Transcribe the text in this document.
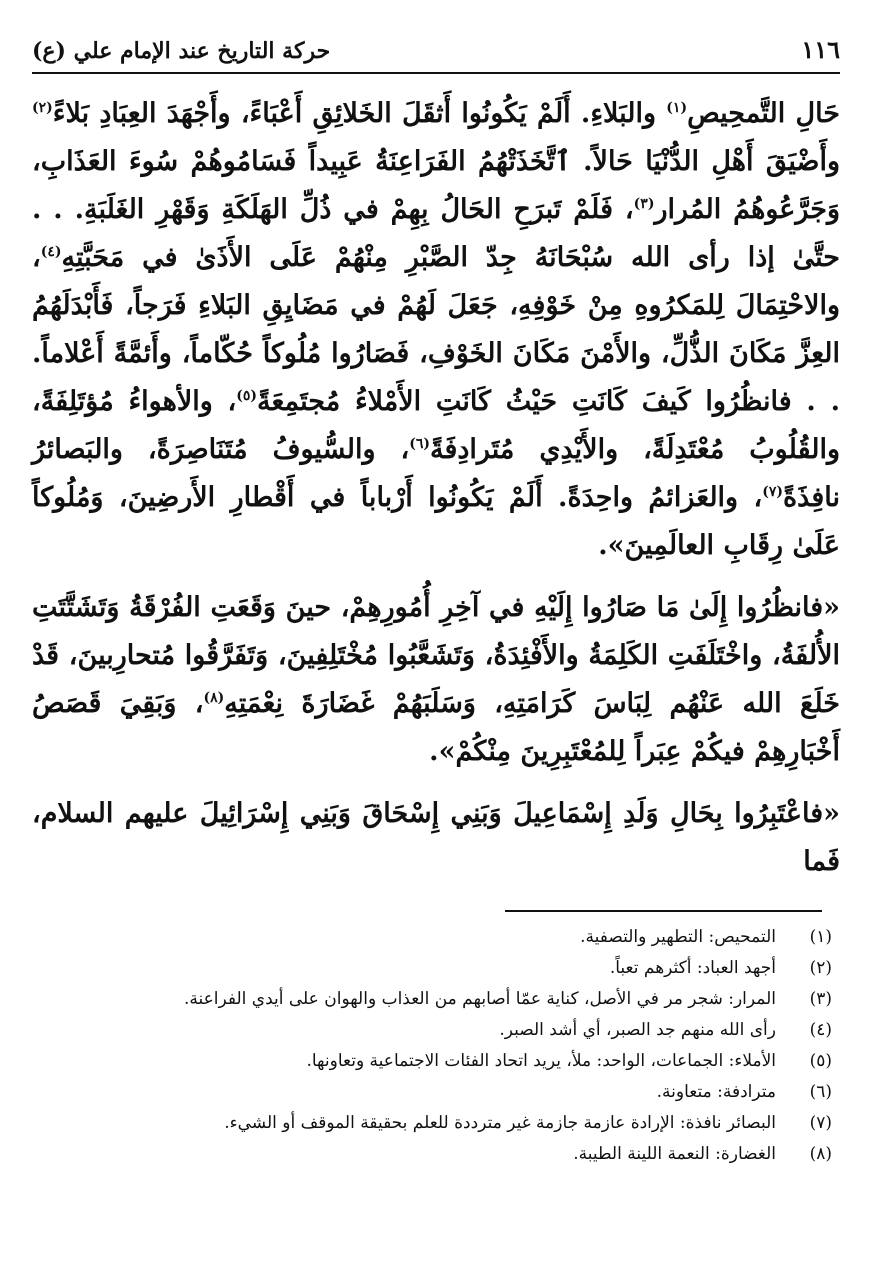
١١٦
حركة التاريخ عند الإمام علي (ع)

حَالِ التَّمحِيصِ$^{(١)}$ والبَلاءِ. أَلَمْ يَكُونُوا أَثقَلَ الخَلائِقِ أَعْبَاءً، وأَجْهَدَ العِبَادِ بَلاءً$^{(٢)}$ وأَضْيَقَ أَهْلِ الدُّنْيَا حَالاً. ٱتَّخَذَتْهُمُ الفَرَاعِنَةُ عَبِيداً فَسَامُوهُمْ سُوءَ العَذَابِ، وَجَرَّعُوهُمُ المُرار$^{(٣)}$، فَلَمْ تَبرَحِ الحَالُ بِهِمْ في ذُلِّ الهَلَكَةِ وَقَهْرِ الغَلَبَةِ. . . حتَّىٰ إذا رأى الله سُبْحَانَهُ جِدّ الصَّبْرِ مِنْهُمْ عَلَى الأَذَىٰ في مَحَبَّتِهِ$^{(٤)}$، والاحْتِمَالَ لِلمَكرُوهِ مِنْ خَوْفِهِ، جَعَلَ لَهُمْ في مَضَايِقِ البَلاءِ فَرَجاً، فَأَبْدَلَهُمُ العِزَّ مَكَانَ الذُّلِّ، والأَمْنَ مَكَانَ الخَوْفِ، فَصَارُوا مُلُوكاً حُكّاماً، وأَئمَّةً أَعْلاماً. . . فانظُرُوا كَيفَ كَانَتِ حَيْثُ كَانَتِ الأَمْلاءُ مُجتَمِعَةً$^{(٥)}$، والأهواءُ مُؤتَلِفَةً، والقُلُوبُ مُعْتَدِلَةً، والأَيْدِي مُتَرادِفَةً$^{(٦)}$، والسُّيوفُ مُتَنَاصِرَةً، والبَصائرُ نافِذَةً$^{(٧)}$، والعَزائمُ واحِدَةً. أَلَمْ يَكُونُوا أَرْباباً في أَقْطارِ الأَرضِينَ، وَمُلُوكاً عَلَىٰ رِقَابِ العالَمِينَ».

«فانظُرُوا إِلَىٰ مَا صَارُوا إِلَيْهِ في آخِرِ أُمُورِهِمْ، حينَ وَقَعَتِ الفُرْقَةُ وَتَشَتَّتَتِ الأُلفَةُ، واخْتَلَفَتِ الكَلِمَةُ والأَفْئِدَةُ، وَتَشَعَّبُوا مُخْتَلِفِينَ، وَتَفَرَّقُوا مُتحارِبينَ، قَدْ خَلَعَ الله عَنْهُم لِبَاسَ كَرَامَتِهِ، وَسَلَبَهُمْ غَضَارَةَ نِعْمَتِهِ$^{(٨)}$، وَبَقِيَ قَصَصُ أَخْبَارِهِمْ فيكُمْ عِبَراً لِلمُعْتَبِرِينَ مِنْكُمْ».

«فاعْتَبِرُوا بِحَالِ وَلَدِ إِسْمَاعِيلَ وَبَنِي إِسْحَاقَ وَبَنِي إِسْرَائِيلَ عليهم السلام، فَما

(١)
التمحيص: التطهير والتصفية.
(٢)
أجهد العباد: أكثرهم تعباً.
(٣)
المرار: شجر مر في الأصل، كناية عمّا أصابهم من العذاب والهوان على أيدي الفراعنة.
(٤)
رأى الله منهم جد الصبر، أي أشد الصبر.
(٥)
الأملاء: الجماعات، الواحد: ملأ، يريد اتحاد الفئات الاجتماعية وتعاونها.
(٦)
مترادفة: متعاونة.
(٧)
البصائر نافذة: الإرادة عازمة جازمة غير مترددة للعلم بحقيقة الموقف أو الشيء.
(٨)
الغضارة: النعمة اللينة الطيبة.
